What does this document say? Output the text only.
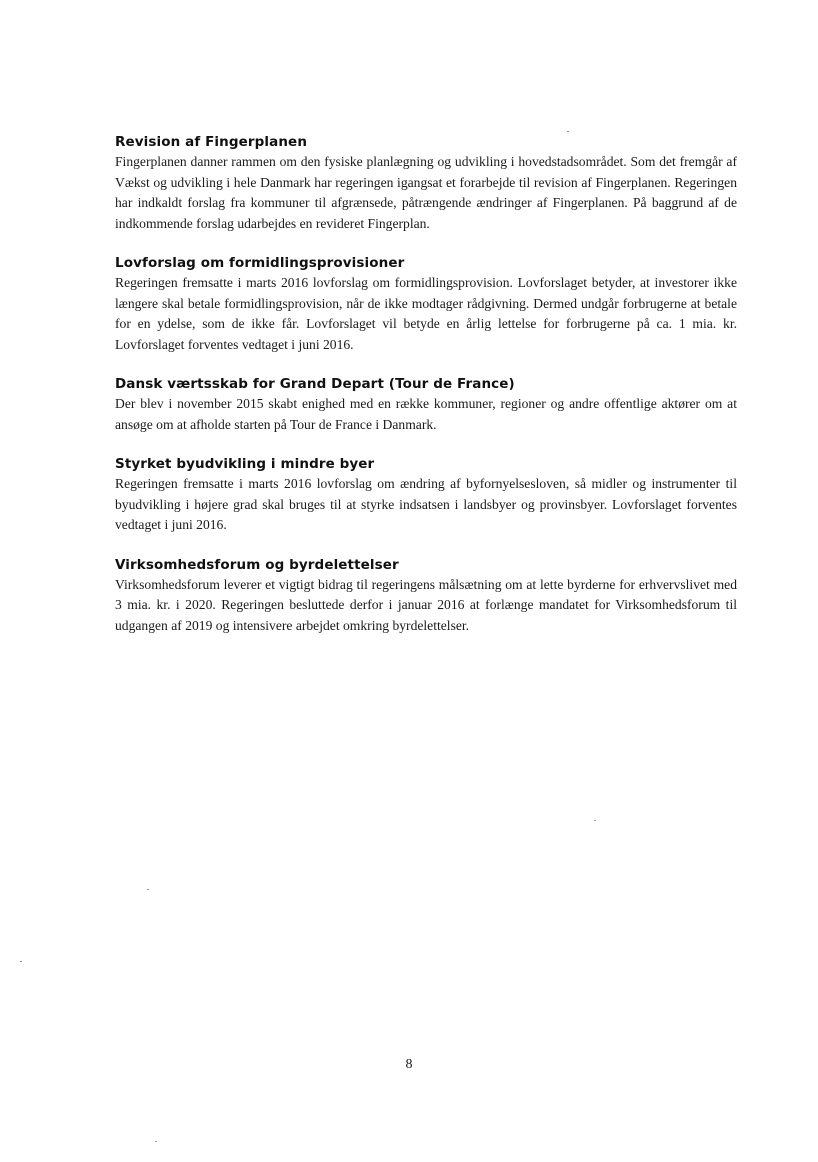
Revision af Fingerplanen

Fingerplanen danner rammen om den fysiske planlægning og udvikling i hovedstadsområdet. Som det fremgår af Vækst og udvikling i hele Danmark har regeringen igangsat et forarbejde til revision af Fingerplanen. Regeringen har indkaldt forslag fra kommuner til afgrænsede, påtrængende ændringer af Fingerplanen. På baggrund af de indkommende forslag udarbejdes en revideret Fingerplan.

Lovforslag om formidlingsprovisioner

Regeringen fremsatte i marts 2016 lovforslag om formidlingsprovision. Lovforslaget betyder, at investorer ikke længere skal betale formidlingsprovision, når de ikke modtager rådgivning. Dermed undgår forbrugerne at betale for en ydelse, som de ikke får. Lovforslaget vil betyde en årlig lettelse for forbrugerne på ca. 1 mia. kr. Lovforslaget forventes vedtaget i juni 2016.

Dansk værtsskab for Grand Depart (Tour de France)

Der blev i november 2015 skabt enighed med en række kommuner, regioner og andre offentlige aktører om at ansøge om at afholde starten på Tour de France i Danmark.

Styrket byudvikling i mindre byer

Regeringen fremsatte i marts 2016 lovforslag om ændring af byfornyelsesloven, så midler og instrumenter til byudvikling i højere grad skal bruges til at styrke indsatsen i landsbyer og provinsbyer. Lovforslaget forventes vedtaget i juni 2016.

Virksomhedsforum og byrdelettelser

Virksomhedsforum leverer et vigtigt bidrag til regeringens målsætning om at lette byrderne for erhvervslivet med 3 mia. kr. i 2020. Regeringen besluttede derfor i januar 2016 at forlænge mandatet for Virksomhedsforum til udgangen af 2019 og intensivere arbejdet omkring byrdelettelser.

8
